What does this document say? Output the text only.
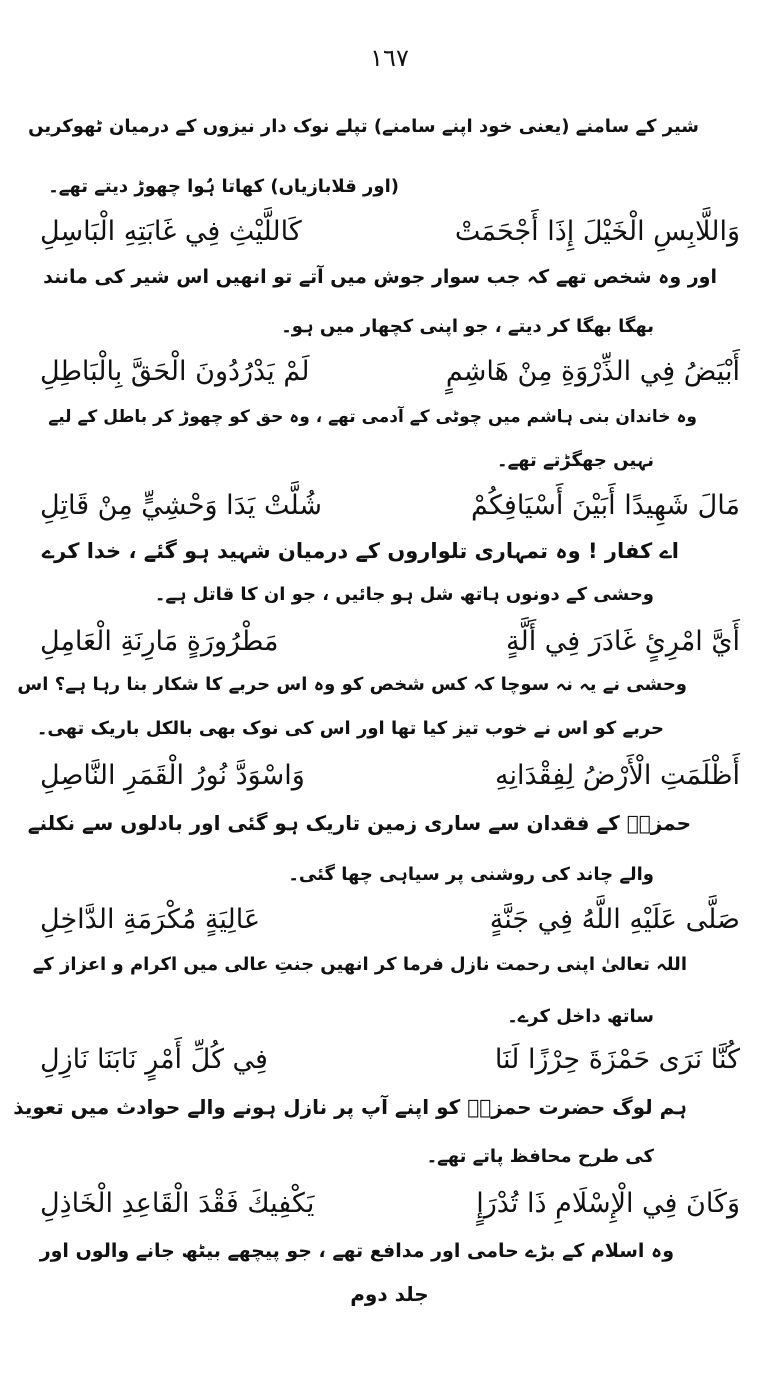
١٦٧
شیر کے سامنے (یعنی خود اپنے سامنے) تپلے نوک دار نیزوں کے درمیان ٹھوکریں
(اور قلابازیاں) کھاتا ہُوا چھوڑ دیتے تھے۔
وَاللَّابِسِ الْخَيْلَ إِذَا أَجْحَمَتْ
كَاللَّيْثِ فِي غَابَتِهِ الْبَاسِلِ
اور وہ شخص تھے کہ جب سوار جوش میں آتے تو انھیں اس شیر کی مانند
بھگا بھگا کر دیتے ، جو اپنی کچھار میں ہو۔
أَبْيَضُ فِي الذِّرْوَةِ مِنْ هَاشِمٍ
لَمْ يَدْرُدُونَ الْحَقَّ بِالْبَاطِلِ
وہ خاندان بنی ہاشم میں چوٹی کے آدمی تھے ، وہ حق کو چھوڑ کر باطل کے لیے
نہیں جھگڑتے تھے۔
مَالَ شَهِيدًا أَبَيْنَ أَسْيَافِكُمْ
شُلَّتْ يَدَا وَحْشِيٍّ مِنْ قَاتِلِ
اے کفار ! وہ تمہاری تلواروں کے درمیان شہید ہو گئے ، خدا کرے
وحشی کے دونوں ہاتھ شل ہو جائیں ، جو ان کا قاتل ہے۔
أَيَّ امْرِئٍ غَادَرَ فِي أَلَّةٍ
مَطْرُورَةٍ مَارِنَةِ الْعَامِلِ
وحشی نے یہ نہ سوچا کہ کس شخص کو وہ اس حربے کا شکار بنا رہا ہے؟ اس
حربے کو اس نے خوب تیز کیا تھا اور اس کی نوک بھی بالکل باریک تھی۔
أَظْلَمَتِ الْأَرْضُ لِفِقْدَانِهِ
وَاسْوَدَّ نُورُ الْقَمَرِ النَّاصِلِ
حمزہؓ کے فقدان سے ساری زمین تاریک ہو گئی اور بادلوں سے نکلنے
والے چاند کی روشنی پر سیاہی چھا گئی۔
صَلَّى عَلَيْهِ اللَّهُ فِي جَنَّةٍ
عَالِيَةٍ مُكْرَمَةِ الدَّاخِلِ
اللہ تعالیٰ اپنی رحمت نازل فرما کر انھیں جنتِ عالی میں اکرام و اعزاز کے
ساتھ داخل کرے۔
كُنَّا نَرَى حَمْزَةَ حِرْزًا لَنَا
فِي كُلِّ أَمْرٍ نَابَنَا نَازِلِ
ہم لوگ حضرت حمزہؓ کو اپنے آپ پر نازل ہونے والے حوادث میں تعویذ
کی طرح محافظ پاتے تھے۔
وَكَانَ فِي الْإِسْلَامِ ذَا تُدْرَإٍ
يَكْفِيكَ فَقْدَ الْقَاعِدِ الْخَاذِلِ
وہ اسلام کے بڑے حامی اور مدافع تھے ، جو پیچھے بیٹھ جانے والوں اور
جلد دوم
